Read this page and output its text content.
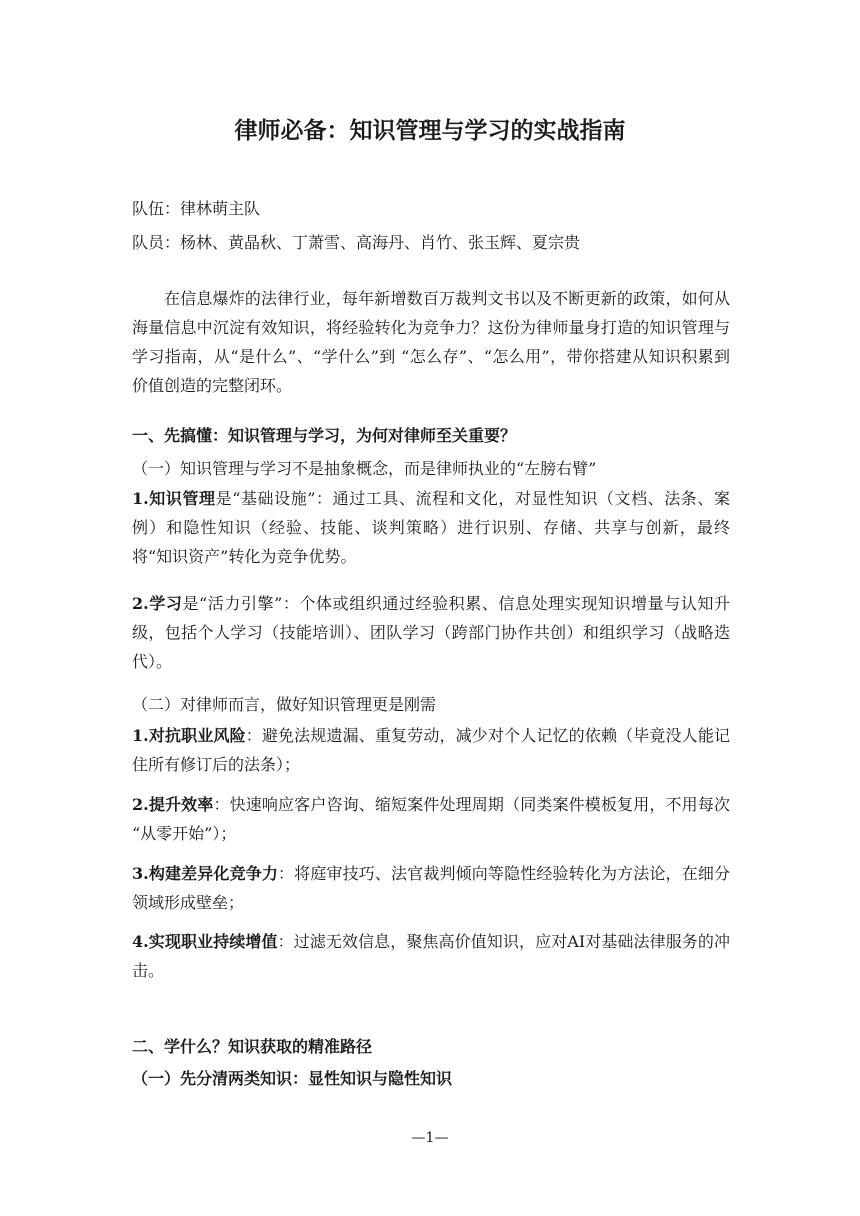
律师必备：知识管理与学习的实战指南
队伍：律林萌主队
队员：杨林、黄晶秋、丁萧雪、高海丹、肖竹、张玉辉、夏宗贵
在信息爆炸的法律行业，每年新增数百万裁判文书以及不断更新的政策，如何从海量信息中沉淀有效知识，将经验转化为竞争力？这份为律师量身打造的知识管理与学习指南，从“是什么”、“学什么”到 “怎么存”、“怎么用”，带你搭建从知识积累到价值创造的完整闭环。
一、先搞懂：知识管理与学习，为何对律师至关重要？
（一）知识管理与学习不是抽象概念，而是律师执业的“左膀右臂”
1.知识管理是“基础设施”：通过工具、流程和文化，对显性知识（文档、法条、案例）和隐性知识（经验、技能、谈判策略）进行识别、存储、共享与创新，最终将“知识资产”转化为竞争优势。
2.学习是“活力引擎”：个体或组织通过经验积累、信息处理实现知识增量与认知升级，包括个人学习（技能培训）、团队学习（跨部门协作共创）和组织学习（战略迭代）。
（二）对律师而言，做好知识管理更是刚需
1.对抗职业风险：避免法规遗漏、重复劳动，减少对个人记忆的依赖（毕竟没人能记住所有修订后的法条）；
2.提升效率：快速响应客户咨询、缩短案件处理周期（同类案件模板复用，不用每次 “从零开始”）；
3.构建差异化竞争力：将庭审技巧、法官裁判倾向等隐性经验转化为方法论，在细分领域形成壁垒；
4.实现职业持续增值：过滤无效信息，聚焦高价值知识，应对AI对基础法律服务的冲击。
二、学什么？知识获取的精准路径
（一）先分清两类知识：显性知识与隐性知识
—1—
